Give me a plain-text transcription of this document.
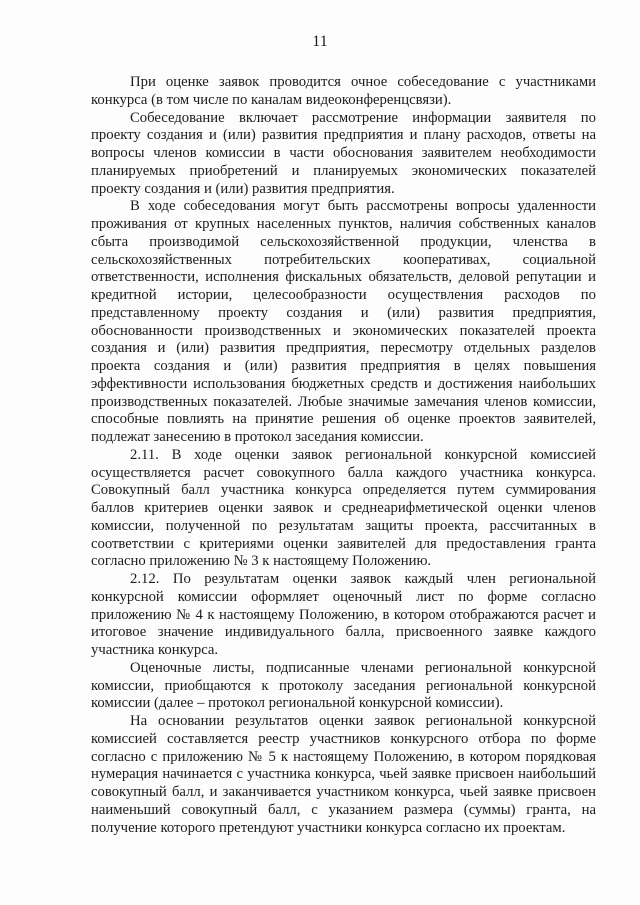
11

При оценке заявок проводится очное собеседование с участниками конкурса (в том числе по каналам видеоконференцсвязи).

Собеседование включает рассмотрение информации заявителя по проекту создания и (или) развития предприятия и плану расходов, ответы на вопросы членов комиссии в части обоснования заявителем необходимости планируемых приобретений и планируемых экономических показателей проекту создания и (или) развития предприятия.

В ходе собеседования могут быть рассмотрены вопросы удаленности проживания от крупных населенных пунктов, наличия собственных каналов сбыта производимой сельскохозяйственной продукции, членства в сельскохозяйственных потребительских кооперативах, социальной ответственности, исполнения фискальных обязательств, деловой репутации и кредитной истории, целесообразности осуществления расходов по представленному проекту создания и (или) развития предприятия, обоснованности производственных и экономических показателей проекта создания и (или) развития предприятия, пересмотру отдельных разделов проекта создания и (или) развития предприятия в целях повышения эффективности использования бюджетных средств и достижения наибольших производственных показателей. Любые значимые замечания членов комиссии, способные повлиять на принятие решения об оценке проектов заявителей, подлежат занесению в протокол заседания комиссии.

2.11. В ходе оценки заявок региональной конкурсной комиссией осуществляется расчет совокупного балла каждого участника конкурса. Совокупный балл участника конкурса определяется путем суммирования баллов критериев оценки заявок и среднеарифметической оценки членов комиссии, полученной по результатам защиты проекта, рассчитанных в соответствии с критериями оценки заявителей для предоставления гранта согласно приложению № 3 к настоящему Положению.

2.12. По результатам оценки заявок каждый член региональной конкурсной комиссии оформляет оценочный лист по форме согласно приложению № 4 к настоящему Положению, в котором отображаются расчет и итоговое значение индивидуального балла, присвоенного заявке каждого участника конкурса.

Оценочные листы, подписанные членами региональной конкурсной комиссии, приобщаются к протоколу заседания региональной конкурсной комиссии (далее – протокол региональной конкурсной комиссии).

На основании результатов оценки заявок региональной конкурсной комиссией составляется реестр участников конкурсного отбора по форме согласно с приложению № 5 к настоящему Положению, в котором порядковая нумерация начинается с участника конкурса, чьей заявке присвоен наибольший совокупный балл, и заканчивается участником конкурса, чьей заявке присвоен наименьший совокупный балл, с указанием размера (суммы) гранта, на получение которого претендуют участники конкурса согласно их проектам.
